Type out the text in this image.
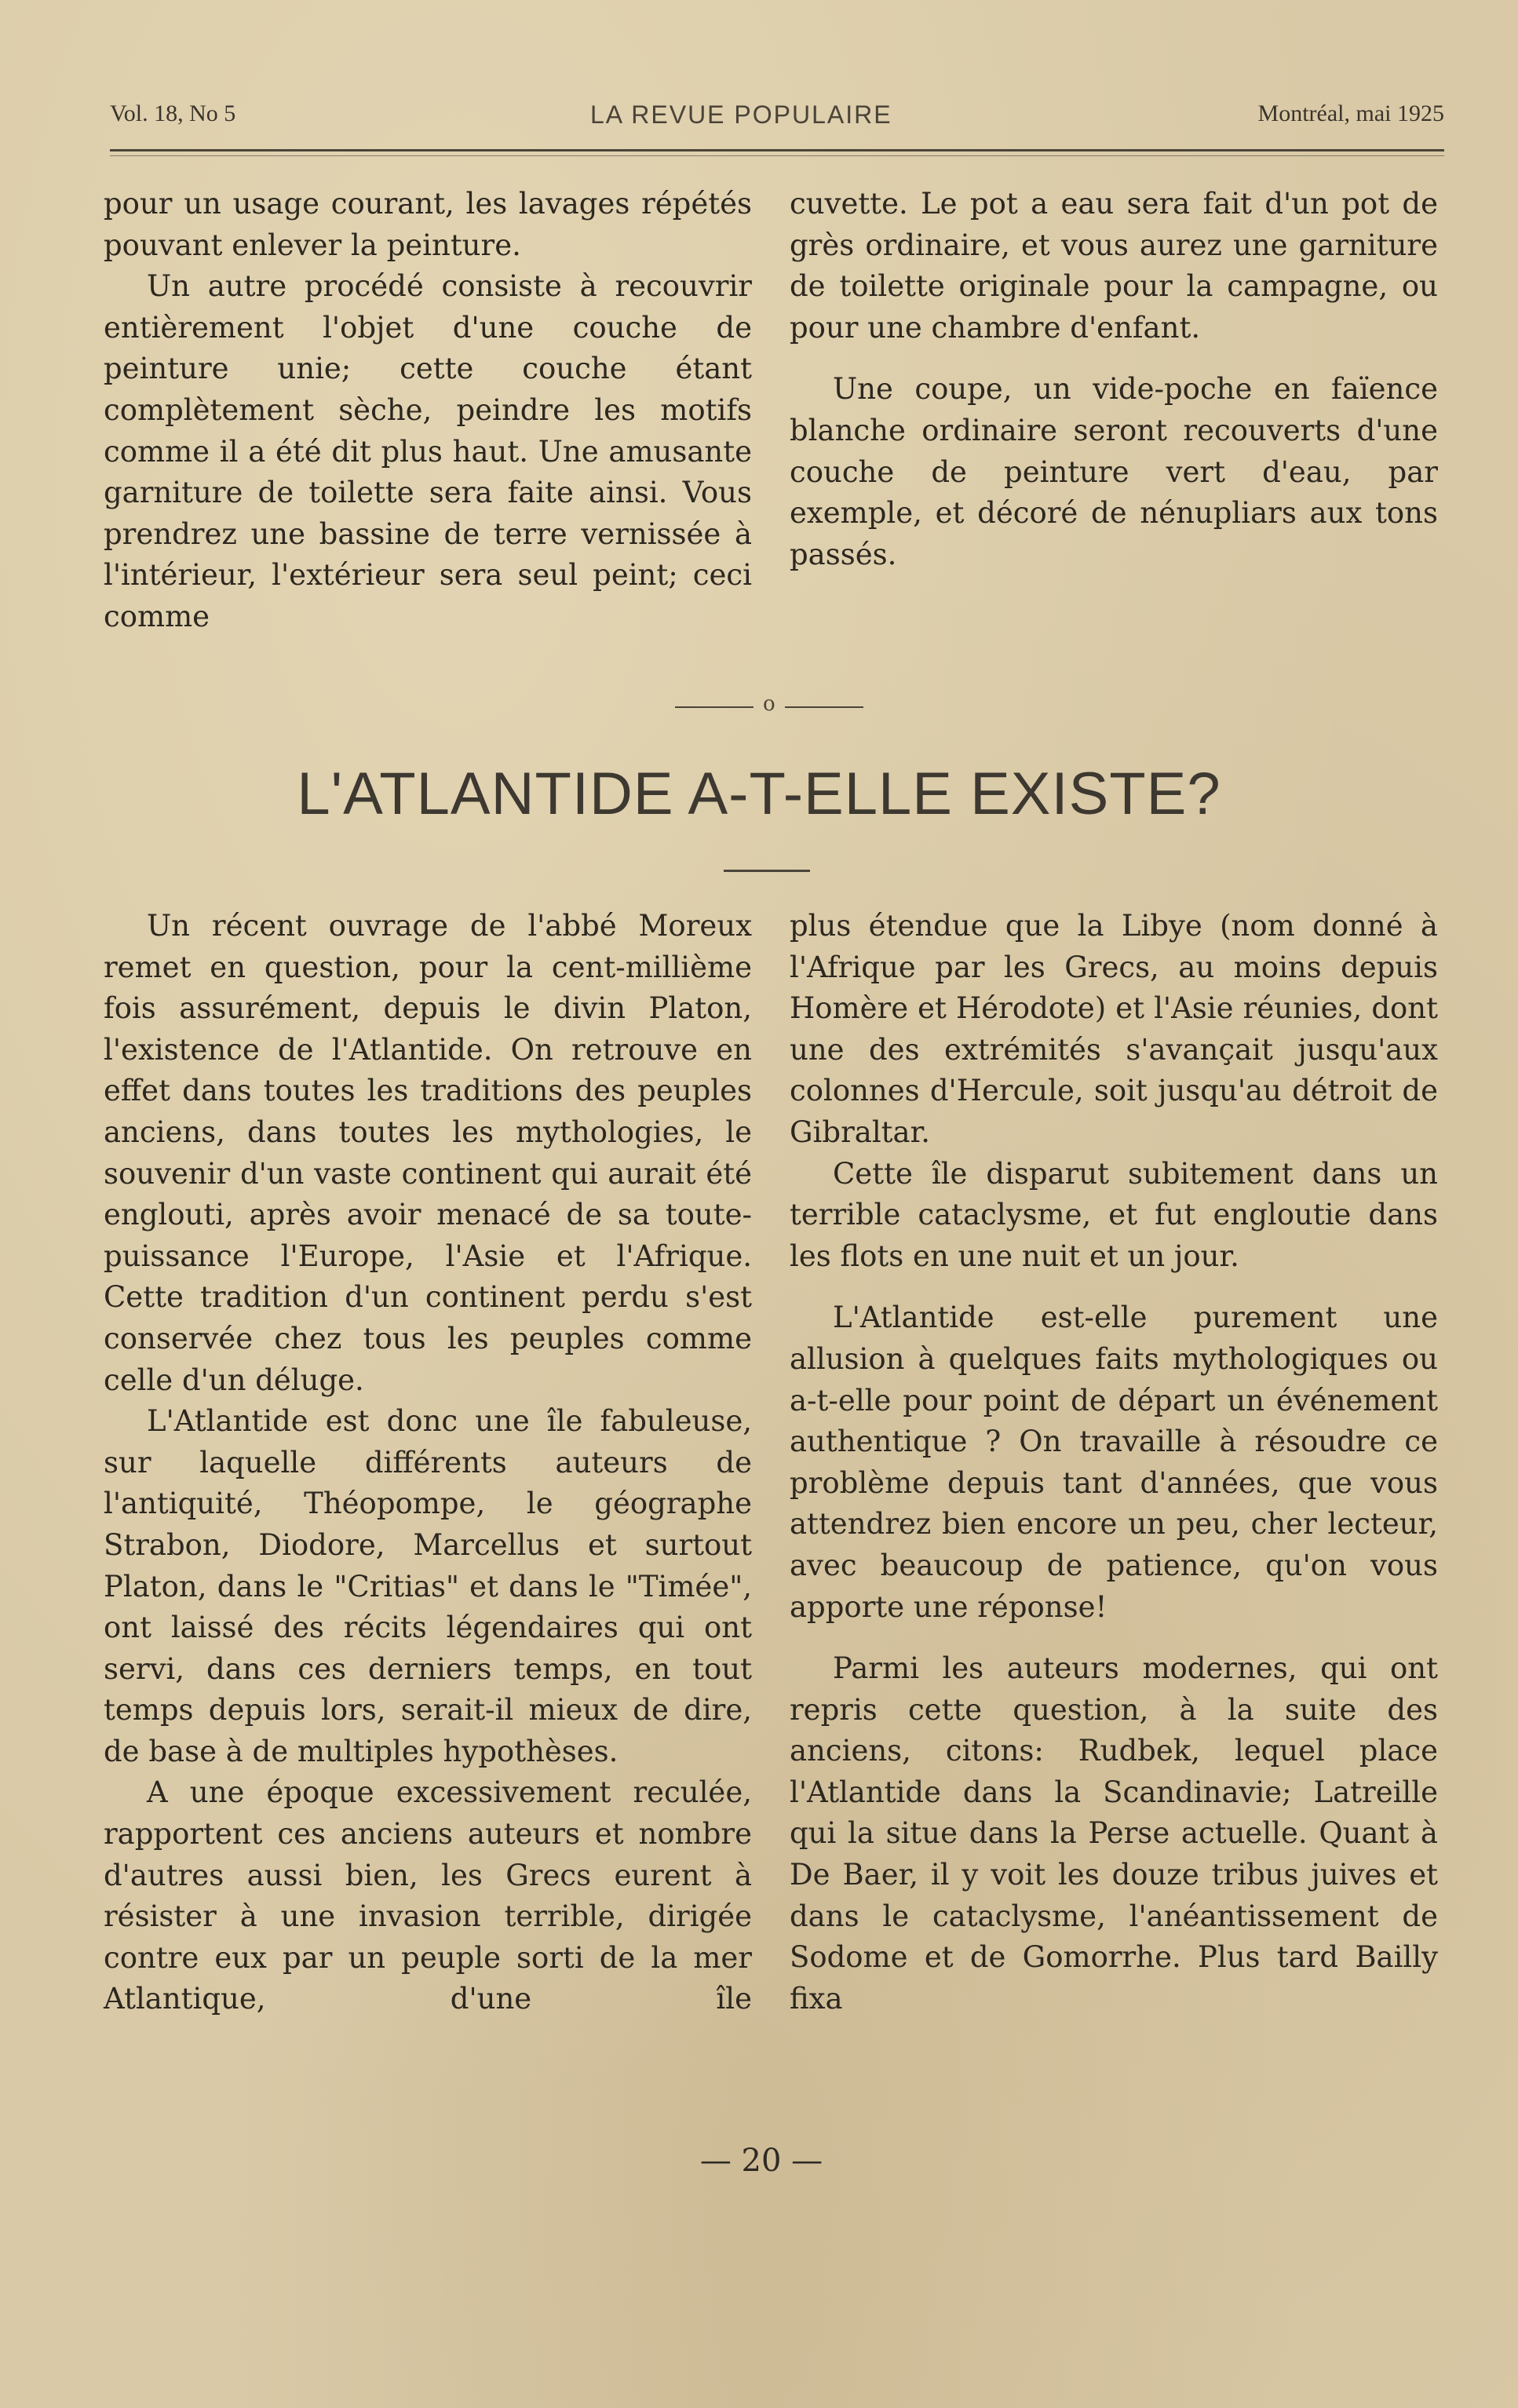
Vol. 18, No 5	LA REVUE POPULAIRE	Montréal, mai 1925

pour un usage courant, les lavages répétés pouvant enlever la peinture.

Un autre procédé consiste à recouvrir entièrement l'objet d'une couche de peinture unie; cette couche étant complètement sèche, peindre les motifs comme il a été dit plus haut. Une amusante garniture de toilette sera faite ainsi. Vous prendrez une bassine de terre vernissée à l'intérieur, l'extérieur sera seul peint; ceci comme

cuvette. Le pot a eau sera fait d'un pot de grès ordinaire, et vous aurez une garniture de toilette originale pour la campagne, ou pour une chambre d'enfant.

Une coupe, un vide-poche en faïence blanche ordinaire seront recouverts d'une couche de peinture vert d'eau, par exemple, et décoré de nénupliars aux tons passés.

o
L'ATLANTIDE A-T-ELLE EXISTE?

Un récent ouvrage de l'abbé Moreux remet en question, pour la cent-millième fois assurément, depuis le divin Platon, l'existence de l'Atlantide. On retrouve en effet dans toutes les traditions des peuples anciens, dans toutes les mythologies, le souvenir d'un vaste continent qui aurait été englouti, après avoir menacé de sa toute-puissance l'Europe, l'Asie et l'Afrique. Cette tradition d'un continent perdu s'est conservée chez tous les peuples comme celle d'un déluge.

L'Atlantide est donc une île fabuleuse, sur laquelle différents auteurs de l'antiquité, Théopompe, le géographe Strabon, Diodore, Marcellus et surtout Platon, dans le "Critias" et dans le "Timée", ont laissé des récits légendaires qui ont servi, dans ces derniers temps, en tout temps depuis lors, serait-il mieux de dire, de base à de multiples hypothèses.

A une époque excessivement reculée, rapportent ces anciens auteurs et nombre d'autres aussi bien, les Grecs eurent à résister à une invasion terrible, dirigée contre eux par un peuple sorti de la mer Atlantique, d'une île

plus étendue que la Libye (nom donné à l'Afrique par les Grecs, au moins depuis Homère et Hérodote) et l'Asie réunies, dont une des extrémités s'avançait jusqu'aux colonnes d'Hercule, soit jusqu'au détroit de Gibraltar.

Cette île disparut subitement dans un terrible cataclysme, et fut engloutie dans les flots en une nuit et un jour.

L'Atlantide est-elle purement une allusion à quelques faits mythologiques ou a-t-elle pour point de départ un événement authentique ? On travaille à résoudre ce problème depuis tant d'années, que vous attendrez bien encore un peu, cher lecteur, avec beaucoup de patience, qu'on vous apporte une réponse!

Parmi les auteurs modernes, qui ont repris cette question, à la suite des anciens, citons: Rudbek, lequel place l'Atlantide dans la Scandinavie; Latreille qui la situe dans la Perse actuelle. Quant à De Baer, il y voit les douze tribus juives et dans le cataclysme, l'anéantissement de Sodome et de Gomorrhe. Plus tard Bailly fixa

— 20 —
